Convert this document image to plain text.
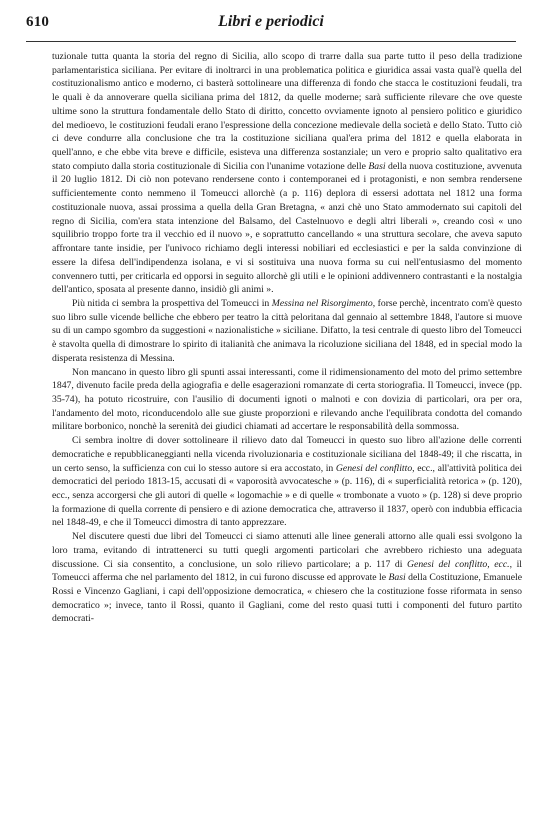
610	Libri e periodici

tuzionale tutta quanta la storia del regno di Sicilia, allo scopo di trarre dalla sua parte tutto il peso della tradizione parlamentaristica siciliana. Per evitare di inoltrarci in una problematica politica e giuridica assai vasta qual'è quella del costituzionalismo antico e moderno, ci basterà sottolineare una differenza di fondo che stacca le costituzioni feudali, tra le quali è da annoverare quella siciliana prima del 1812, da quelle moderne; sarà sufficiente rilevare che ove queste ultime sono la struttura fondamentale dello Stato di diritto, concetto ovviamente ignoto al pensiero politico e giuridico del medioevo, le costituzioni feudali erano l'espressione della concezione medievale della società e dello Stato. Tutto ciò ci deve condurre alla conclusione che tra la costituzione siciliana qual'era prima del 1812 e quella elaborata in quell'anno, e che ebbe vita breve e difficile, esisteva una differenza sostanziale; un vero e proprio salto qualitativo era stato compiuto dalla storia costituzionale di Sicilia con l'unanime votazione delle Basi della nuova costituzione, avvenuta il 20 luglio 1812. Di ciò non potevano rendersene conto i contemporanei ed i protagonisti, e non sembra rendersene sufficientemente conto nemmeno il Tomeucci allorchè (a p. 116) deplora di essersi adottata nel 1812 una forma costituzionale nuova, assai prossima a quella della Gran Bretagna, « anzi chè uno Stato ammodernato sui capitoli del regno di Sicilia, com'era stata intenzione del Balsamo, del Castelnuovo e degli altri liberali », creando così « uno squilibrio troppo forte tra il vecchio ed il nuovo », e soprattutto cancellando « una struttura secolare, che aveva saputo affrontare tante insidie, per l'univoco richiamo degli interessi nobiliari ed ecclesiastici e per la salda convinzione di essere la difesa dell'indipendenza isolana, e vi si sostituiva una nuova forma su cui nell'entusiasmo del momento convennero tutti, per criticarla ed opporsi in seguito allorchè gli utili e le opinioni addivennero contrastanti e la nostalgia dell'antico, sposata al presente danno, insidiò gli animi ».

Più nitida ci sembra la prospettiva del Tomeucci in Messina nel Risorgimento, forse perchè, incentrato com'è questo suo libro sulle vicende belliche che ebbero per teatro la città peloritana dal gennaio al settembre 1848, l'autore si muove su di un campo sgombro da suggestioni « nazionalistiche » siciliane. Difatto, la tesi centrale di questo libro del Tomeucci è stavolta quella di dimostrare lo spirito di italianità che animava la ricoluzione siciliana del 1848, ed in special modo la disperata resistenza di Messina.

Non mancano in questo libro gli spunti assai interessanti, come il ridimensionamento del moto del primo settembre 1847, divenuto facile preda della agiografia e delle esagerazioni romanzate di certa storiografia. Il Tomeucci, invece (pp. 35-74), ha potuto ricostruire, con l'ausilio di documenti ignoti o malnoti e con dovizia di particolari, ora per ora, l'andamento del moto, riconducendolo alle sue giuste proporzioni e rilevando anche l'equilibrata condotta del comando militare borbonico, nonchè la serenità dei giudici chiamati ad accertare le responsabilità della sommossa.

Ci sembra inoltre di dover sottolineare il rilievo dato dal Tomeucci in questo suo libro all'azione delle correnti democratiche e repubblicaneggianti nella vicenda rivoluzionaria e costituzionale siciliana del 1848-49; il che riscatta, in un certo senso, la sufficienza con cui lo stesso autore si era accostato, in Genesi del conflitto, ecc., all'attività politica dei democratici del periodo 1813-15, accusati di « vaporosità avvocatesche » (p. 116), di « superficialità retorica » (p. 120), ecc., senza accorgersi che gli autori di quelle « logomachie » e di quelle « trombonate a vuoto » (p. 128) si deve proprio la formazione di quella corrente di pensiero e di azione democratica che, attraverso il 1837, operò con indubbia efficacia nel 1848-49, e che il Tomeucci dimostra di tanto apprezzare.

Nel discutere questi due libri del Tomeucci ci siamo attenuti alle linee generali attorno alle quali essi svolgono la loro trama, evitando di intrattenerci su tutti quegli argomenti particolari che avrebbero richiesto una adeguata discussione. Ci sia consentito, a conclusione, un solo rilievo particolare; a p. 117 di Genesi del conflitto, ecc., il Tomeucci afferma che nel parlamento del 1812, in cui furono discusse ed approvate le Basi della Costituzione, Emanuele Rossi e Vincenzo Gagliani, i capi dell'opposizione democratica, « chiesero che la costituzione fosse riformata in senso democratico »; invece, tanto il Rossi, quanto il Gagliani, come del resto quasi tutti i componenti del futuro partito democrati-
